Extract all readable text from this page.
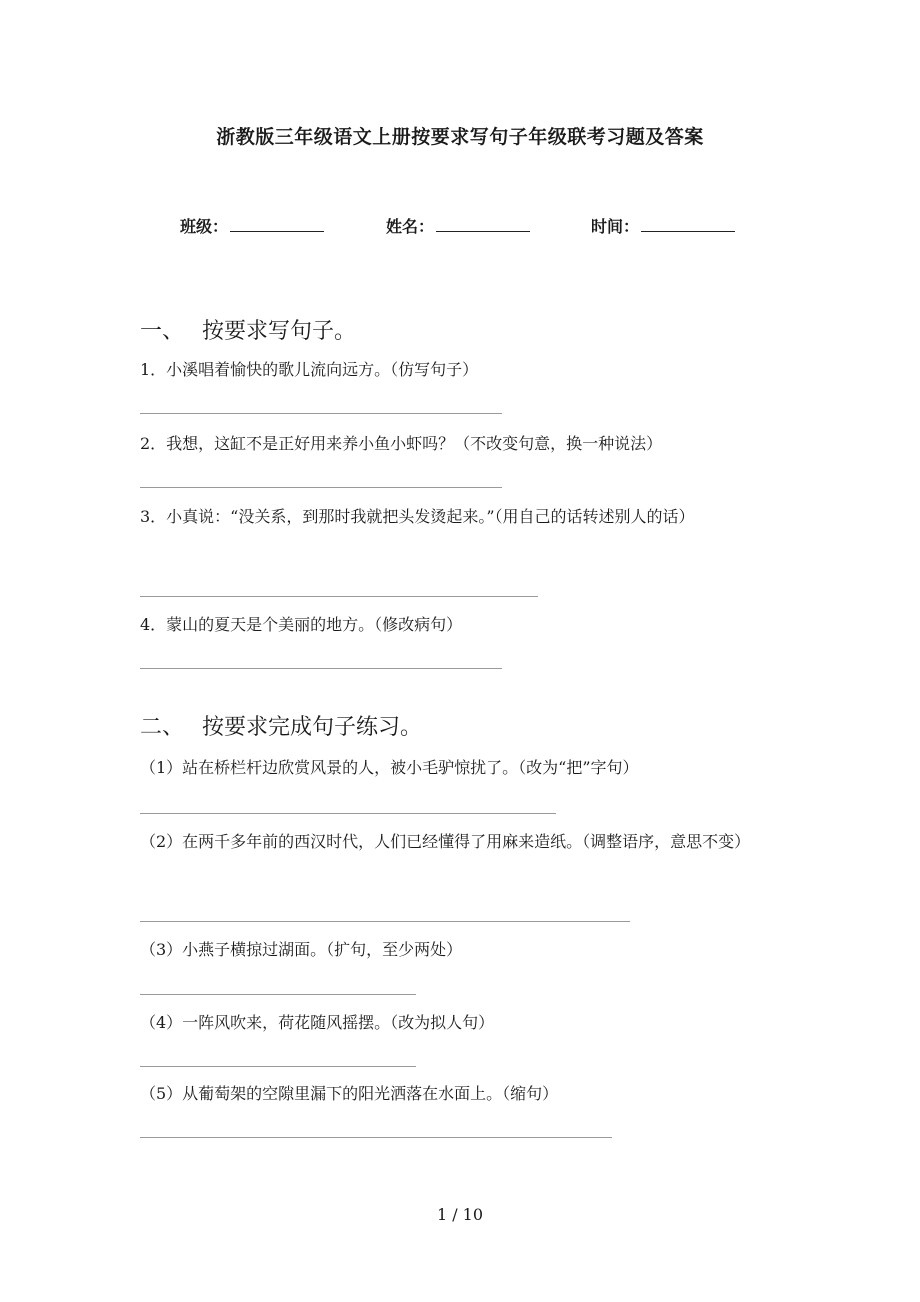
浙教版三年级语文上册按要求写句子年级联考习题及答案
班级：	姓名：	时间：
一、 按要求写句子。
1．小溪唱着愉快的歌儿流向远方。（仿写句子）
2．我想，这缸不是正好用来养小鱼小虾吗？（不改变句意，换一种说法）
3．小真说：“没关系，到那时我就把头发烫起来。”（用自己的话转述别人的话）
4．蒙山的夏天是个美丽的地方。（修改病句）
二、 按要求完成句子练习。
（1）站在桥栏杆边欣赏风景的人，被小毛驴惊扰了。（改为“把”字句）
（2）在两千多年前的西汉时代，人们已经懂得了用麻来造纸。（调整语序，意思不变）
（3）小燕子横掠过湖面。（扩句，至少两处）
（4）一阵风吹来，荷花随风摇摆。（改为拟人句）
（5）从葡萄架的空隙里漏下的阳光洒落在水面上。（缩句）
1 / 10
